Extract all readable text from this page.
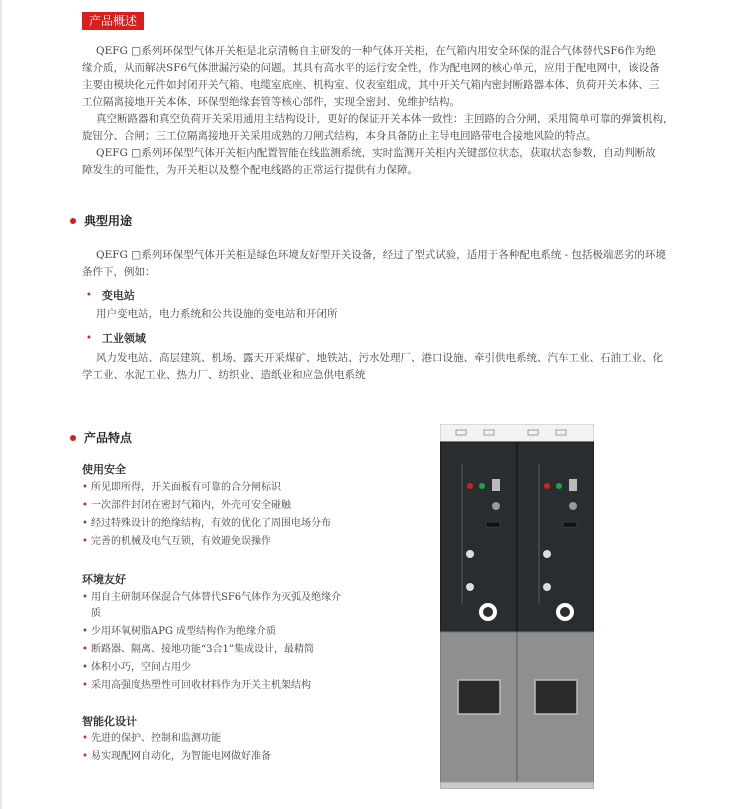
产品概述

QEFG □系列环保型气体开关柜是北京清畅自主研发的一种气体开关柜，在气箱内用安全环保的混合气体替代SF6作为绝

缘介质，从而解决SF6气体泄漏污染的问题。其具有高水平的运行安全性，作为配电网的核心单元，应用于配电网中，该设备

主要由模块化元件如封闭开关气箱、电缆室底座、机构室、仪表室组成，其中开关气箱内密封断路器本体、负荷开关本体、三

工位隔离接地开关本体、环保型绝缘套管等核心部件，实现全密封、免维护结构。

真空断路器和真空负荷开关采用通用主结构设计，更好的保证开关本体一致性：主回路的合分闸，采用简单可靠的弹簧机构，

旋钮分、合闸；三工位隔离接地开关采用成熟的刀闸式结构，本身具备防止主导电回路带电合接地风险的特点。

QEFG □系列环保型气体开关柜内配置智能在线监测系统，实时监测开关柜内关键部位状态，获取状态参数，自动判断故

障发生的可能性，为开关柜以及整个配电线路的正常运行提供有力保障。

典型用途

QEFG □系列环保型气体开关柜是绿色环境友好型开关设备，经过了型式试验，适用于各种配电系统 - 包括极端恶劣的环境

条件下，例如：

• 变电站

用户变电站，电力系统和公共设施的变电站和开闭所

• 工业领域

风力发电站、高层建筑、机场、露天开采煤矿、地铁站、污水处理厂、港口设施、牵引供电系统、汽车工业、石油工业、化

学工业、水泥工业、热力厂、纺织业、造纸业和应急供电系统

产品特点
使用安全
• 所见即所得，开关面板有可靠的合分闸标识
• 一次部件封闭在密封气箱内，外壳可安全碰触
• 经过特殊设计的绝缘结构，有效的优化了周围电场分布
• 完善的机械及电气互锁，有效避免误操作
环境友好
• 用自主研制环保混合气体替代SF6气体作为灭弧及绝缘介质
• 少用环氧树脂APG 成型结构作为绝缘介质
• 断路器、隔离、接地功能“3合1”集成设计，最精简
• 体积小巧，空间占用少
• 采用高强度热塑性可回收材料作为开关主机架结构
智能化设计
• 先进的保护、控制和监测功能
• 易实现配网自动化，为智能电网做好准备
